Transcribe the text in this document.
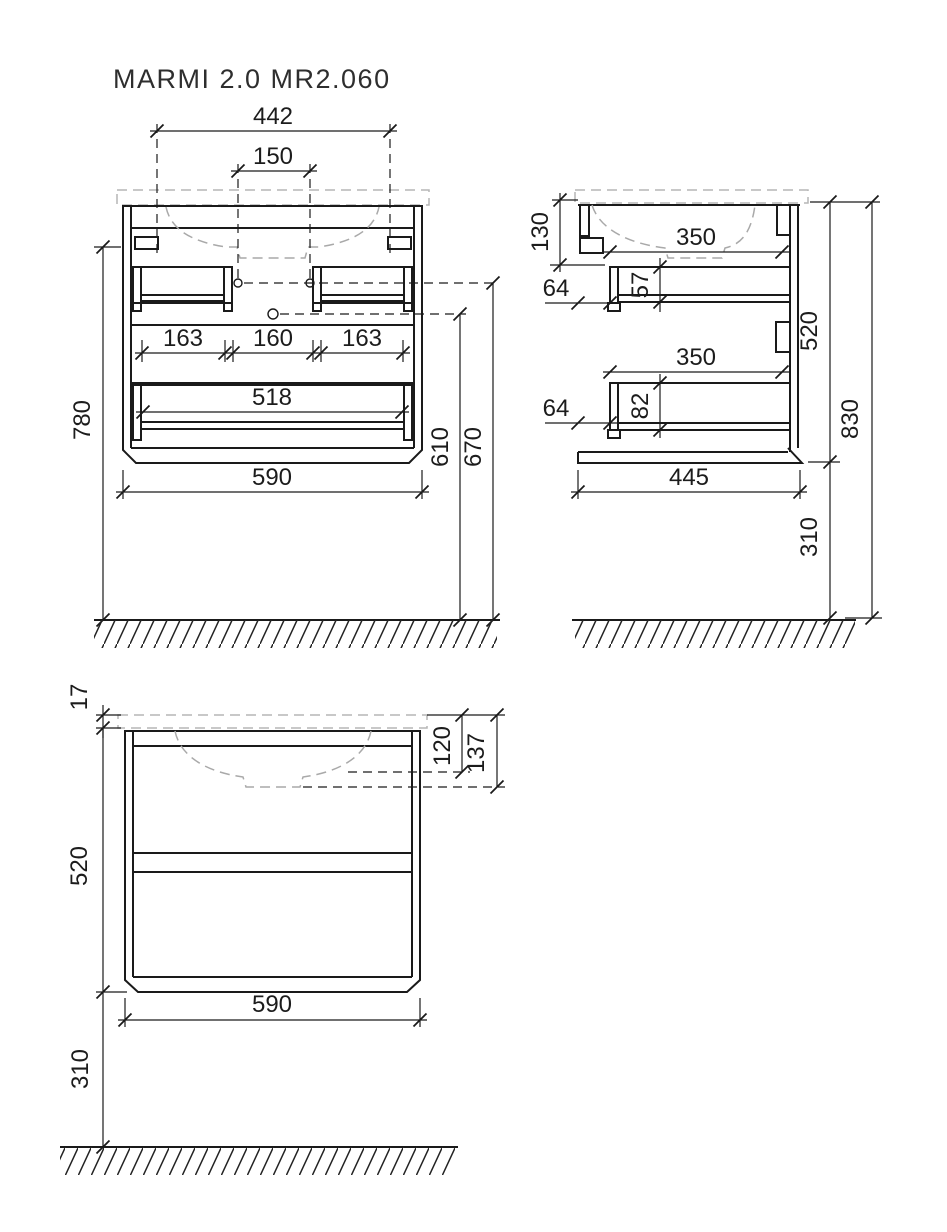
MARMI 2.0 MR2.060
442
150
163 160 163
518
590
780
610 670
130	350
57
64
350
82
64
520
310
830
445
17
520
310
120 137
590
